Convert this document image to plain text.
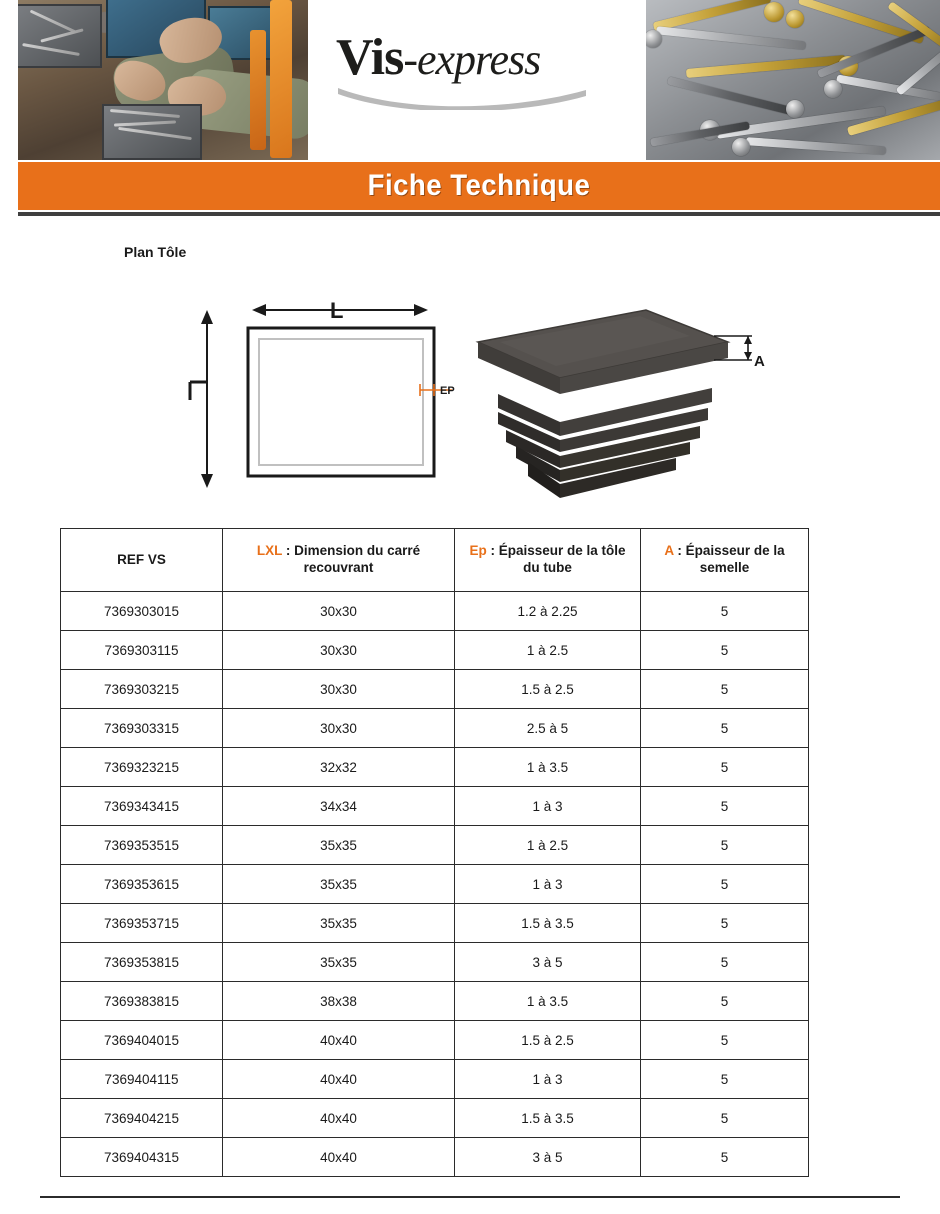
Vis-express
Fiche Technique
Plan Tôle
L
EP
A
REF VS	LXL : Dimension du carré recouvrant	Ep : Épaisseur de la tôle du tube	A : Épaisseur de la semelle
7369303015	30x30	1.2 à 2.25	5
7369303115	30x30	1 à 2.5	5
7369303215	30x30	1.5 à 2.5	5
7369303315	30x30	2.5 à 5	5
7369323215	32x32	1 à 3.5	5
7369343415	34x34	1 à 3	5
7369353515	35x35	1 à 2.5	5
7369353615	35x35	1 à 3	5
7369353715	35x35	1.5 à 3.5	5
7369353815	35x35	3 à 5	5
7369383815	38x38	1 à 3.5	5
7369404015	40x40	1.5 à 2.5	5
7369404115	40x40	1 à 3	5
7369404215	40x40	1.5 à 3.5	5
7369404315	40x40	3 à 5	5
